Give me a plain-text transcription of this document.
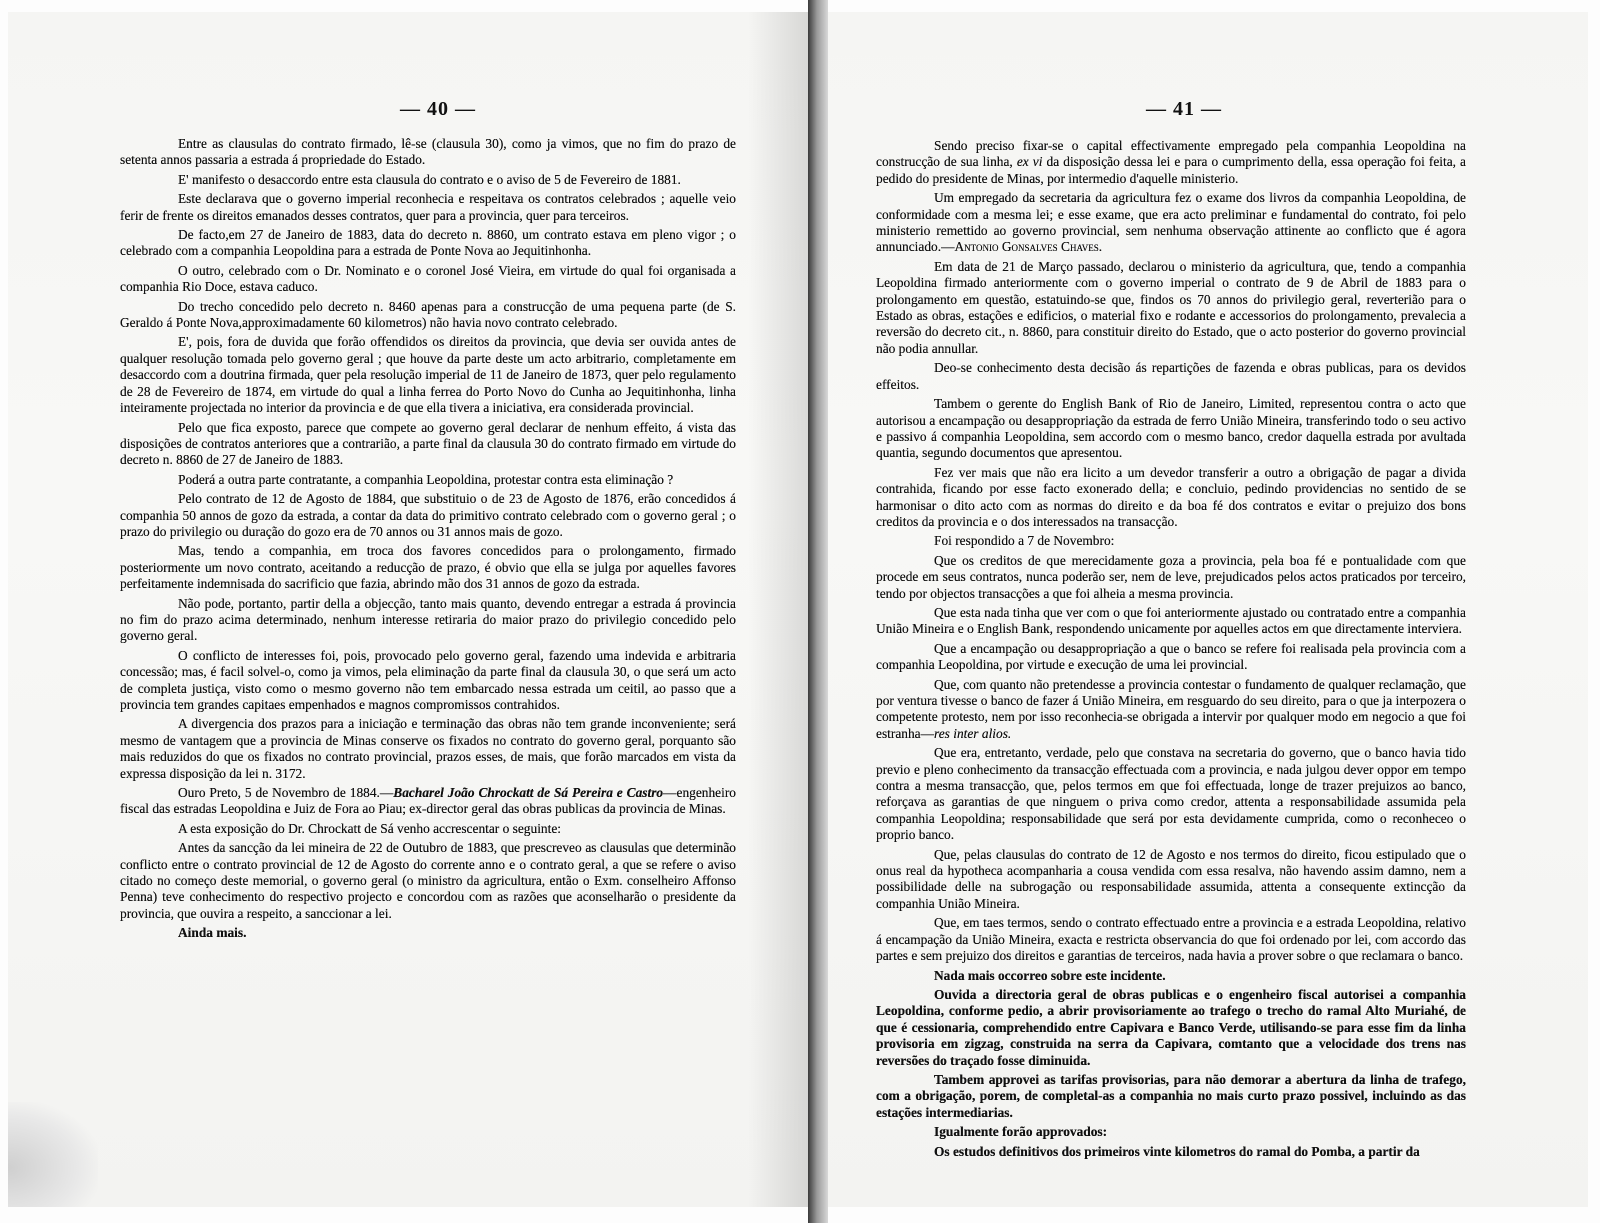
— 40 —

Entre as clausulas do contrato firmado, lê-se (clausula 30), como ja vimos, que no fim do prazo de setenta annos passaria a estrada á propriedade do Estado.

E' manifesto o desaccordo entre esta clausula do contrato e o aviso de 5 de Fevereiro de 1881.

Este declarava que o governo imperial reconhecia e respeitava os contratos celebrados ; aquelle veio ferir de frente os direitos emanados desses contratos, quer para a provincia, quer para terceiros.

De facto,em 27 de Janeiro de 1883, data do decreto n. 8860, um contrato estava em pleno vigor ; o celebrado com a companhia Leopoldina para a estrada de Ponte Nova ao Jequitinhonha.

O outro, celebrado com o Dr. Nominato e o coronel José Vieira, em virtude do qual foi organisada a companhia Rio Doce, estava caduco.

Do trecho concedido pelo decreto n. 8460 apenas para a construcção de uma pequena parte (de S. Geraldo á Ponte Nova,approximadamente 60 kilometros) não havia novo contrato celebrado.

E', pois, fora de duvida que forão offendidos os direitos da provincia, que devia ser ouvida antes de qualquer resolução tomada pelo governo geral ; que houve da parte deste um acto arbitrario, completamente em desaccordo com a doutrina firmada, quer pela resolução imperial de 11 de Janeiro de 1873, quer pelo regulamento de 28 de Fevereiro de 1874, em virtude do qual a linha ferrea do Porto Novo do Cunha ao Jequitinhonha, linha inteiramente projectada no interior da provincia e de que ella tivera a iniciativa, era considerada provincial.

Pelo que fica exposto, parece que compete ao governo geral declarar de nenhum effeito, á vista das disposições de contratos anteriores que a contrarião, a parte final da clausula 30 do contrato firmado em virtude do decreto n. 8860 de 27 de Janeiro de 1883.

Poderá a outra parte contratante, a companhia Leopoldina, protestar contra esta eliminação ?

Pelo contrato de 12 de Agosto de 1884, que substituio o de 23 de Agosto de 1876, erão concedidos á companhia 50 annos de gozo da estrada, a contar da data do primitivo contrato celebrado com o governo geral ; o prazo do privilegio ou duração do gozo era de 70 annos ou 31 annos mais de gozo.

Mas, tendo a companhia, em troca dos favores concedidos para o prolongamento, firmado posteriormente um novo contrato, aceitando a reducção de prazo, é obvio que ella se julga por aquelles favores perfeitamente indemnisada do sacrificio que fazia, abrindo mão dos 31 annos de gozo da estrada.

Não pode, portanto, partir della a objecção, tanto mais quanto, devendo entregar a estrada á provincia no fim do prazo acima determinado, nenhum interesse retiraria do maior prazo do privilegio concedido pelo governo geral.

O conflicto de interesses foi, pois, provocado pelo governo geral, fazendo uma indevida e arbitraria concessão; mas, é facil solvel-o, como ja vimos, pela eliminação da parte final da clausula 30, o que será um acto de completa justiça, visto como o mesmo governo não tem embarcado nessa estrada um ceitil, ao passo que a provincia tem grandes capitaes empenhados e magnos compromissos contrahidos.

A divergencia dos prazos para a iniciação e terminação das obras não tem grande inconveniente; será mesmo de vantagem que a provincia de Minas conserve os fixados no contrato do governo geral, porquanto são mais reduzidos do que os fixados no contrato provincial, prazos esses, de mais, que forão marcados em vista da expressa disposição da lei n. 3172.

Ouro Preto, 5 de Novembro de 1884.—Bacharel João Chrockatt de Sá Pereira e Castro—engenheiro fiscal das estradas Leopoldina e Juiz de Fora ao Piau; ex-director geral das obras publicas da provincia de Minas.

A esta exposição do Dr. Chrockatt de Sá venho accrescentar o seguinte:

Antes da sancção da lei mineira de 22 de Outubro de 1883, que prescreveo as clausulas que determinão conflicto entre o contrato provincial de 12 de Agosto do corrente anno e o contrato geral, a que se refere o aviso citado no começo deste memorial, o governo geral (o ministro da agricultura, então o Exm. conselheiro Affonso Penna) teve conhecimento do respectivo projecto e concordou com as razões que aconselharão o presidente da provincia, que ouvira a respeito, a sanccionar a lei.

Ainda mais.

— 41 —

Sendo preciso fixar-se o capital effectivamente empregado pela companhia Leopoldina na construcção de sua linha, ex vi da disposição dessa lei e para o cumprimento della, essa operação foi feita, a pedido do presidente de Minas, por intermedio d'aquelle ministerio.

Um empregado da secretaria da agricultura fez o exame dos livros da companhia Leopoldina, de conformidade com a mesma lei; e esse exame, que era acto preliminar e fundamental do contrato, foi pelo ministerio remettido ao governo provincial, sem nenhuma observação attinente ao conflicto que é agora annunciado.—Antonio Gonsalves Chaves.

Em data de 21 de Março passado, declarou o ministerio da agricultura, que, tendo a companhia Leopoldina firmado anteriormente com o governo imperial o contrato de 9 de Abril de 1883 para o prolongamento em questão, estatuindo-se que, findos os 70 annos do privilegio geral, reverterião para o Estado as obras, estações e edificios, o material fixo e rodante e accessorios do prolongamento, prevalecia a reversão do decreto cit., n. 8860, para constituir direito do Estado, que o acto posterior do governo provincial não podia annullar.

Deo-se conhecimento desta decisão ás repartições de fazenda e obras publicas, para os devidos effeitos.

Tambem o gerente do English Bank of Rio de Janeiro, Limited, representou contra o acto que autorisou a encampação ou desappropriação da estrada de ferro União Mineira, transferindo todo o seu activo e passivo á companhia Leopoldina, sem accordo com o mesmo banco, credor daquella estrada por avultada quantia, segundo documentos que apresentou.

Fez ver mais que não era licito a um devedor transferir a outro a obrigação de pagar a divida contrahida, ficando por esse facto exonerado della; e concluio, pedindo providencias no sentido de se harmonisar o dito acto com as normas do direito e da boa fé dos contratos e evitar o prejuizo dos bons creditos da provincia e o dos interessados na transacção.

Foi respondido a 7 de Novembro:

Que os creditos de que merecidamente goza a provincia, pela boa fé e pontualidade com que procede em seus contratos, nunca poderão ser, nem de leve, prejudicados pelos actos praticados por terceiro, tendo por objectos transacções a que foi alheia a mesma provincia.

Que esta nada tinha que ver com o que foi anteriormente ajustado ou contratado entre a companhia União Mineira e o English Bank, respondendo unicamente por aquelles actos em que directamente interviera.

Que a encampação ou desappropriação a que o banco se refere foi realisada pela provincia com a companhia Leopoldina, por virtude e execução de uma lei provincial.

Que, com quanto não pretendesse a provincia contestar o fundamento de qualquer reclamação, que por ventura tivesse o banco de fazer á União Mineira, em resguardo do seu direito, para o que ja interpozera o competente protesto, nem por isso reconhecia-se obrigada a intervir por qualquer modo em negocio a que foi estranha—res inter alios.

Que era, entretanto, verdade, pelo que constava na secretaria do governo, que o banco havia tido previo e pleno conhecimento da transacção effectuada com a provincia, e nada julgou dever oppor em tempo contra a mesma transacção, que, pelos termos em que foi effectuada, longe de trazer prejuizos ao banco, reforçava as garantias de que ninguem o priva como credor, attenta a responsabilidade assumida pela companhia Leopoldina; responsabilidade que será por esta devidamente cumprida, como o reconheceo o proprio banco.

Que, pelas clausulas do contrato de 12 de Agosto e nos termos do direito, ficou estipulado que o onus real da hypotheca acompanharia a cousa vendida com essa resalva, não havendo assim damno, nem a possibilidade delle na subrogação ou responsabilidade assumida, attenta a consequente extincção da companhia União Mineira.

Que, em taes termos, sendo o contrato effectuado entre a provincia e a estrada Leopoldina, relativo á encampação da União Mineira, exacta e restricta observancia do que foi ordenado por lei, com accordo das partes e sem prejuizo dos direitos e garantias de terceiros, nada havia a prover sobre o que reclamara o banco.

Nada mais occorreo sobre este incidente.

Ouvida a directoria geral de obras publicas e o engenheiro fiscal autorisei a companhia Leopoldina, conforme pedio, a abrir provisoriamente ao trafego o trecho do ramal Alto Muriahé, de que é cessionaria, comprehendido entre Capivara e Banco Verde, utilisando-se para esse fim da linha provisoria em zigzag, construida na serra da Capivara, comtanto que a velocidade dos trens nas reversões do traçado fosse diminuida.

Tambem approvei as tarifas provisorias, para não demorar a abertura da linha de trafego, com a obrigação, porem, de completal-as a companhia no mais curto prazo possivel, incluindo as das estações intermediarias.

Igualmente forão approvados:

Os estudos definitivos dos primeiros vinte kilometros do ramal do Pomba, a partir da
